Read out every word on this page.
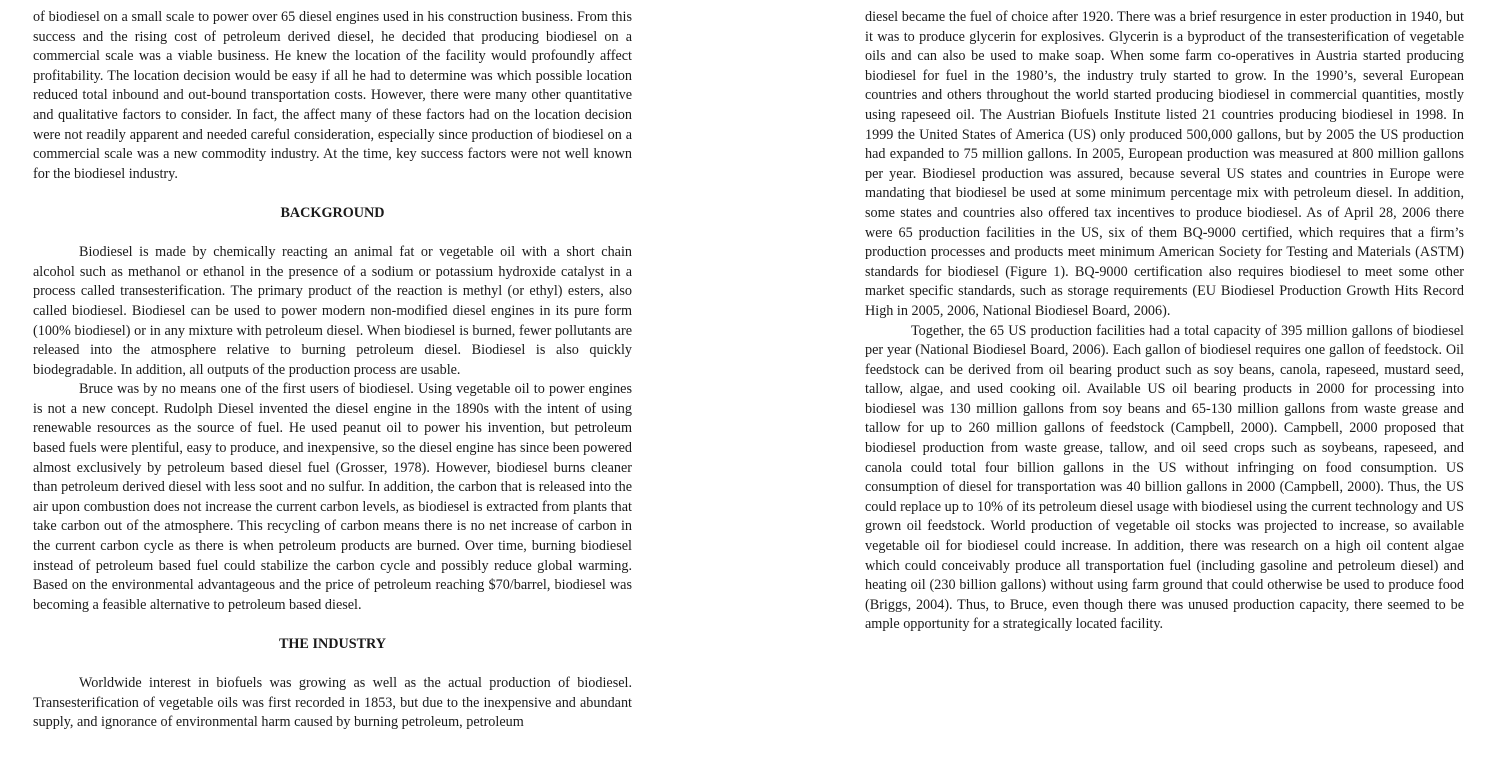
of biodiesel on a small scale to power over 65 diesel engines used in his construction business. From this success and the rising cost of petroleum derived diesel, he decided that producing biodiesel on a commercial scale was a viable business. He knew the location of the facility would profoundly affect profitability. The location decision would be easy if all he had to determine was which possible location reduced total inbound and out-bound transportation costs. However, there were many other quantitative and qualitative factors to consider. In fact, the affect many of these factors had on the location decision were not readily apparent and needed careful consideration, especially since production of biodiesel on a commercial scale was a new commodity industry. At the time, key success factors were not well known for the biodiesel industry.

BACKGROUND

Biodiesel is made by chemically reacting an animal fat or vegetable oil with a short chain alcohol such as methanol or ethanol in the presence of a sodium or potassium hydroxide catalyst in a process called transesterification. The primary product of the reaction is methyl (or ethyl) esters, also called biodiesel. Biodiesel can be used to power modern non-modified diesel engines in its pure form (100% biodiesel) or in any mixture with petroleum diesel. When biodiesel is burned, fewer pollutants are released into the atmosphere relative to burning petroleum diesel. Biodiesel is also quickly biodegradable. In addition, all outputs of the production process are usable.

Bruce was by no means one of the first users of biodiesel. Using vegetable oil to power engines is not a new concept. Rudolph Diesel invented the diesel engine in the 1890s with the intent of using renewable resources as the source of fuel. He used peanut oil to power his invention, but petroleum based fuels were plentiful, easy to produce, and inexpensive, so the diesel engine has since been powered almost exclusively by petroleum based diesel fuel (Grosser, 1978). However, biodiesel burns cleaner than petroleum derived diesel with less soot and no sulfur. In addition, the carbon that is released into the air upon combustion does not increase the current carbon levels, as biodiesel is extracted from plants that take carbon out of the atmosphere. This recycling of carbon means there is no net increase of carbon in the current carbon cycle as there is when petroleum products are burned. Over time, burning biodiesel instead of petroleum based fuel could stabilize the carbon cycle and possibly reduce global warming. Based on the environmental advantageous and the price of petroleum reaching $70/barrel, biodiesel was becoming a feasible alternative to petroleum based diesel.

THE INDUSTRY

Worldwide interest in biofuels was growing as well as the actual production of biodiesel. Transesterification of vegetable oils was first recorded in 1853, but due to the inexpensive and abundant supply, and ignorance of environmental harm caused by burning petroleum, petroleum

diesel became the fuel of choice after 1920. There was a brief resurgence in ester production in 1940, but it was to produce glycerin for explosives. Glycerin is a byproduct of the transesterification of vegetable oils and can also be used to make soap. When some farm co-operatives in Austria started producing biodiesel for fuel in the 1980’s, the industry truly started to grow. In the 1990’s, several European countries and others throughout the world started producing biodiesel in commercial quantities, mostly using rapeseed oil. The Austrian Biofuels Institute listed 21 countries producing biodiesel in 1998. In 1999 the United States of America (US) only produced 500,000 gallons, but by 2005 the US production had expanded to 75 million gallons. In 2005, European production was measured at 800 million gallons per year. Biodiesel production was assured, because several US states and countries in Europe were mandating that biodiesel be used at some minimum percentage mix with petroleum diesel. In addition, some states and countries also offered tax incentives to produce biodiesel. As of April 28, 2006 there were 65 production facilities in the US, six of them BQ-9000 certified, which requires that a firm’s production processes and products meet minimum American Society for Testing and Materials (ASTM) standards for biodiesel (Figure 1). BQ-9000 certification also requires biodiesel to meet some other market specific standards, such as storage requirements (EU Biodiesel Production Growth Hits Record High in 2005, 2006, National Biodiesel Board, 2006).

Together, the 65 US production facilities had a total capacity of 395 million gallons of biodiesel per year (National Biodiesel Board, 2006). Each gallon of biodiesel requires one gallon of feedstock. Oil feedstock can be derived from oil bearing product such as soy beans, canola, rapeseed, mustard seed, tallow, algae, and used cooking oil. Available US oil bearing products in 2000 for processing into biodiesel was 130 million gallons from soy beans and 65-130 million gallons from waste grease and tallow for up to 260 million gallons of feedstock (Campbell, 2000). Campbell, 2000 proposed that biodiesel production from waste grease, tallow, and oil seed crops such as soybeans, rapeseed, and canola could total four billion gallons in the US without infringing on food consumption. US consumption of diesel for transportation was 40 billion gallons in 2000 (Campbell, 2000). Thus, the US could replace up to 10% of its petroleum diesel usage with biodiesel using the current technology and US grown oil feedstock. World production of vegetable oil stocks was projected to increase, so available vegetable oil for biodiesel could increase. In addition, there was research on a high oil content algae which could conceivably produce all transportation fuel (including gasoline and petroleum diesel) and heating oil (230 billion gallons) without using farm ground that could otherwise be used to produce food (Briggs, 2004). Thus, to Bruce, even though there was unused production capacity, there seemed to be ample opportunity for a strategically located facility.
